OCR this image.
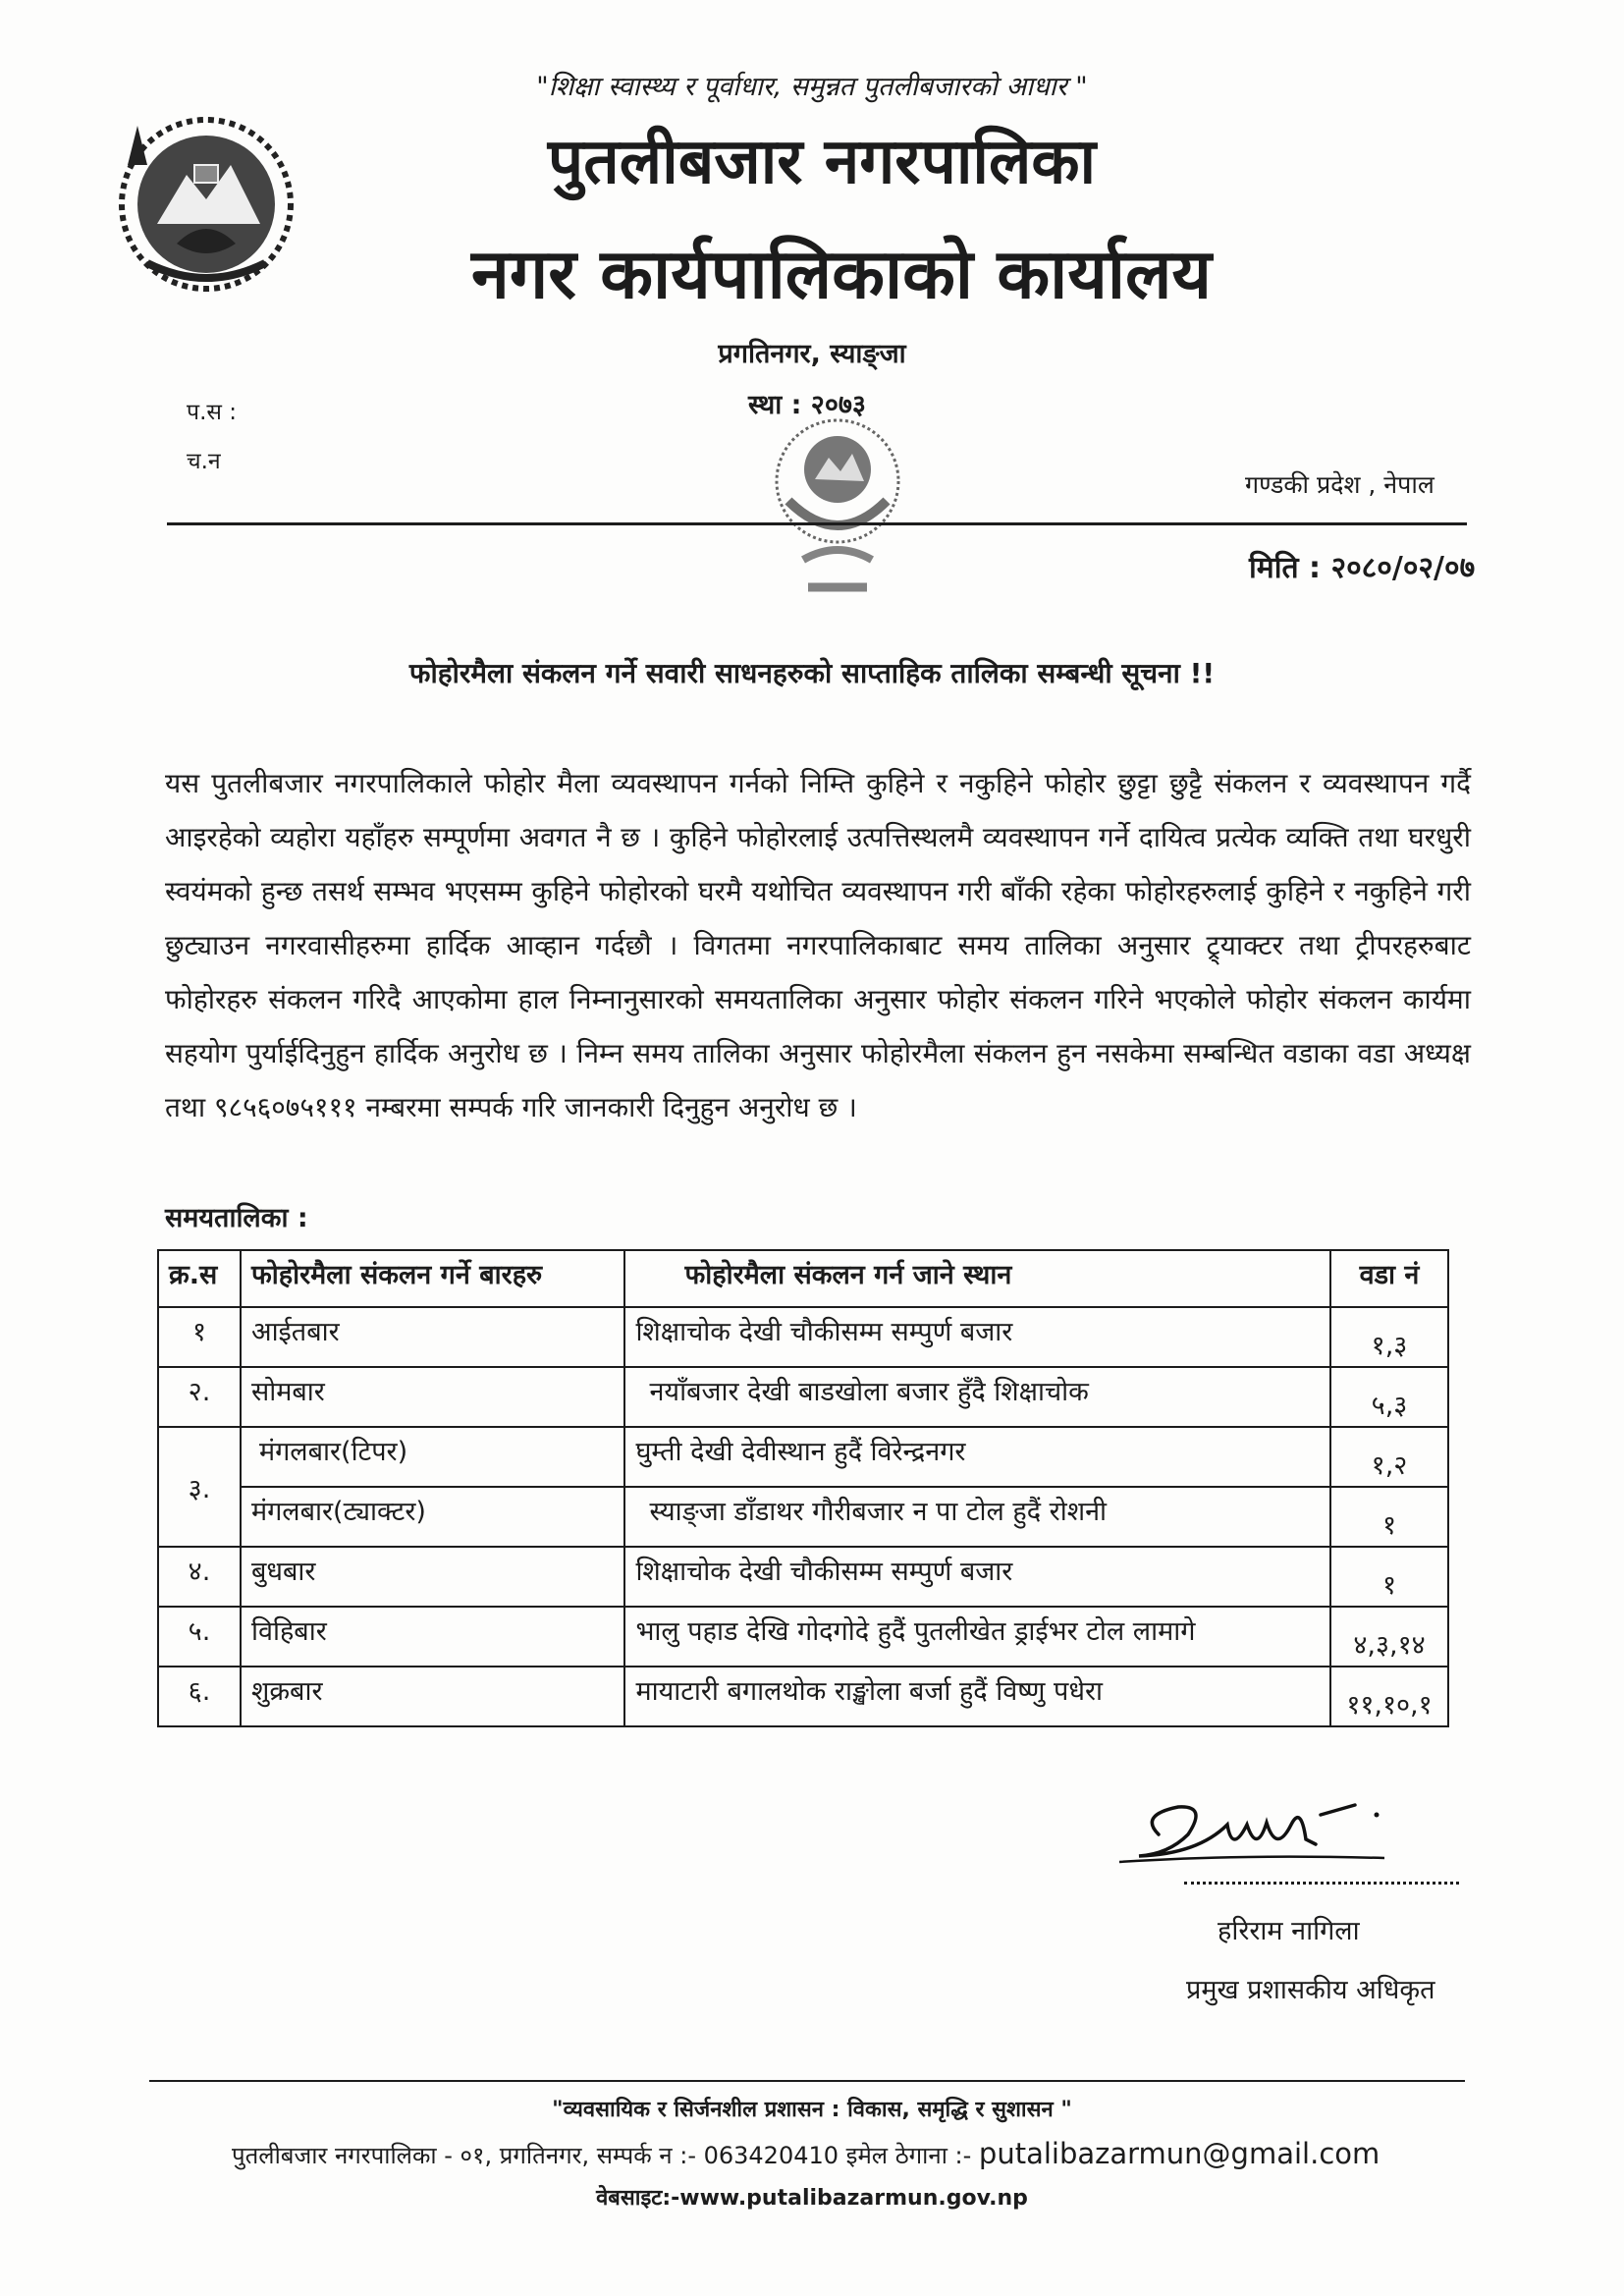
"शिक्षा स्वास्थ्य र पूर्वाधार, समुन्नत पुतलीबजारको आधार "
पुतलीबजार नगरपालिका
नगर कार्यपालिकाको कार्यालय
प्रगतिनगर, स्याङ्जा
स्था : २०७३
प.स :
च.न
गण्डकी प्रदेश , नेपाल
मिति : २०८०/०२/०७
फोहोरमैला संकलन गर्ने सवारी साधनहरुको साप्ताहिक तालिका सम्बन्धी सूचना !!
यस पुतलीबजार नगरपालिकाले फोहोर मैला व्यवस्थापन गर्नको निम्ति कुहिने र नकुहिने फोहोर छुट्टा छुट्टै संकलन र व्यवस्थापन गर्दै आइरहेको व्यहोरा यहाँहरु सम्पूर्णमा अवगत नै छ । कुहिने फोहोरलाई उत्पत्तिस्थलमै व्यवस्थापन गर्ने दायित्व प्रत्येक व्यक्ति तथा घरधुरी स्वयंमको हुन्छ तसर्थ सम्भव भएसम्म कुहिने फोहोरको घरमै यथोचित व्यवस्थापन गरी बाँकी रहेका फोहोरहरुलाई कुहिने र नकुहिने गरी छुट्याउन नगरवासीहरुमा हार्दिक आव्हान गर्दछौ । विगतमा नगरपालिकाबाट समय तालिका अनुसार ट्र्याक्टर तथा ट्रीपरहरुबाट फोहोरहरु संकलन गरिदै आएकोमा हाल निम्नानुसारको समयतालिका अनुसार फोहोर संकलन गरिने भएकोले फोहोर संकलन कार्यमा सहयोग पुर्याईदिनुहुन हार्दिक अनुरोध छ । निम्न समय तालिका अनुसार फोहोरमैला संकलन हुन नसकेमा सम्बन्धित वडाका वडा अध्यक्ष तथा ९८५६०७५१११ नम्बरमा सम्पर्क गरि जानकारी दिनुहुन अनुरोध छ ।
समयतालिका :
क्र.स	फोहोरमैला संकलन गर्ने बारहरु	फोहोरमैला संकलन गर्न जाने स्थान	वडा नं
१	आईतबार	शिक्षाचोक देखी चौकीसम्म सम्पुर्ण बजार	१,३

२.	सोमबार	नयाँबजार देखी बाडखोला बजार हुँदै शिक्षाचोक	५,३

३.	मंगलबार(टिपर)	घुम्ती देखी देवीस्थान हुदैं विरेन्द्रनगर	१,२

	मंगलबार(ट्याक्टर)	स्याङ्जा डाँडाथर गौरीबजार न पा टोल हुदैं रोशनी	१

४.	बुधबार	शिक्षाचोक देखी चौकीसम्म सम्पुर्ण बजार	१

५.	विहिबार	भालु पहाड देखि गोदगोदे हुदैं पुतलीखेत ड्राईभर टोल लामागे	४,३,१४

६.	शुक्रबार	मायाटारी बगालथोक राङ्खोला बर्जा हुदैं विष्णु पधेरा	११,१०,१
हरिराम नागिला
प्रमुख प्रशासकीय अधिकृत
"व्यवसायिक र सिर्जनशील प्रशासन : विकास, समृद्धि र सुशासन "
पुतलीबजार नगरपालिका - ०१, प्रगतिनगर, सम्पर्क न :- 063420410 इमेल ठेगाना :- putalibazarmun@gmail.com
वेबसाइट:-www.putalibazarmun.gov.np
